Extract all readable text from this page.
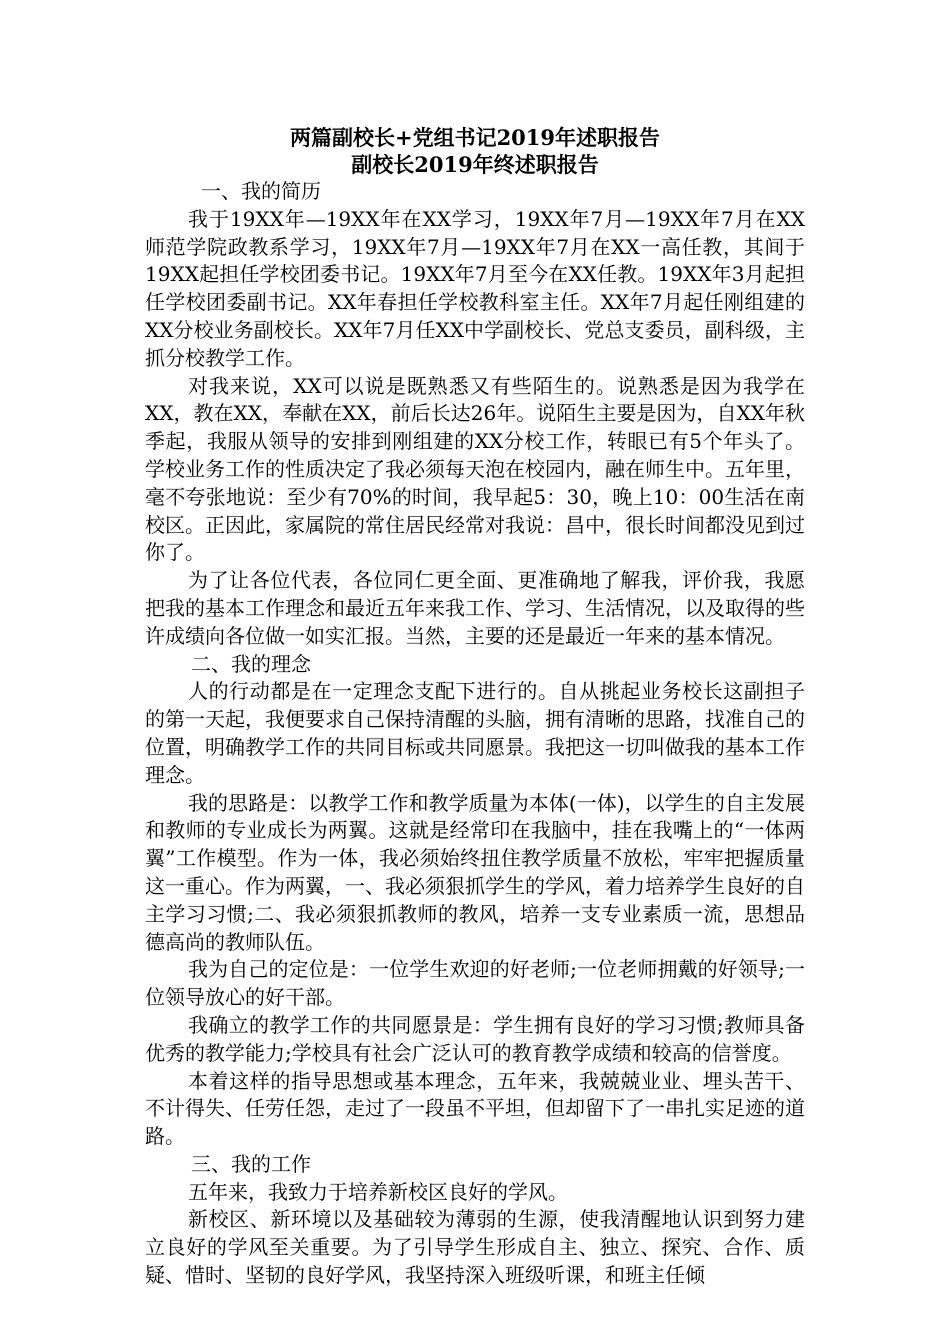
两篇副校长+党组书记2019年述职报告
副校长2019年终述职报告

一、我的简历

我于19XX年—19XX年在XX学习，19XX年7月—19XX年7月在XX师范学院政教系学习，19XX年7月—19XX年7月在XX一高任教，其间于19XX起担任学校团委书记。19XX年7月至今在XX任教。19XX年3月起担任学校团委副书记。XX年春担任学校教科室主任。XX年7月起任刚组建的XX分校业务副校长。XX年7月任XX中学副校长、党总支委员，副科级，主抓分校教学工作。

对我来说，XX可以说是既熟悉又有些陌生的。说熟悉是因为我学在XX，教在XX，奉献在XX，前后长达26年。说陌生主要是因为，自XX年秋季起，我服从领导的安排到刚组建的XX分校工作，转眼已有5个年头了。学校业务工作的性质决定了我必须每天泡在校园内，融在师生中。五年里，毫不夸张地说：至少有70%的时间，我早起5：30，晚上10：00生活在南校区。正因此，家属院的常住居民经常对我说：昌中，很长时间都没见到过你了。

为了让各位代表，各位同仁更全面、更准确地了解我，评价我，我愿把我的基本工作理念和最近五年来我工作、学习、生活情况，以及取得的些许成绩向各位做一如实汇报。当然，主要的还是最近一年来的基本情况。

二、我的理念

人的行动都是在一定理念支配下进行的。自从挑起业务校长这副担子的第一天起，我便要求自己保持清醒的头脑，拥有清晰的思路，找准自己的位置，明确教学工作的共同目标或共同愿景。我把这一切叫做我的基本工作理念。

我的思路是：以教学工作和教学质量为本体(一体)，以学生的自主发展和教师的专业成长为两翼。这就是经常印在我脑中，挂在我嘴上的“一体两翼”工作模型。作为一体，我必须始终扭住教学质量不放松，牢牢把握质量这一重心。作为两翼，一、我必须狠抓学生的学风，着力培养学生良好的自主学习习惯;二、我必须狠抓教师的教风，培养一支专业素质一流，思想品德高尚的教师队伍。

我为自己的定位是：一位学生欢迎的好老师;一位老师拥戴的好领导;一位领导放心的好干部。

我确立的教学工作的共同愿景是：学生拥有良好的学习习惯;教师具备优秀的教学能力;学校具有社会广泛认可的教育教学成绩和较高的信誉度。

本着这样的指导思想或基本理念，五年来，我兢兢业业、埋头苦干、不计得失、任劳任怨，走过了一段虽不平坦，但却留下了一串扎实足迹的道路。

三、我的工作

五年来，我致力于培养新校区良好的学风。

新校区、新环境以及基础较为薄弱的生源，使我清醒地认识到努力建立良好的学风至关重要。为了引导学生形成自主、独立、探究、合作、质疑、惜时、坚韧的良好学风，我坚持深入班级听课，和班主任倾
